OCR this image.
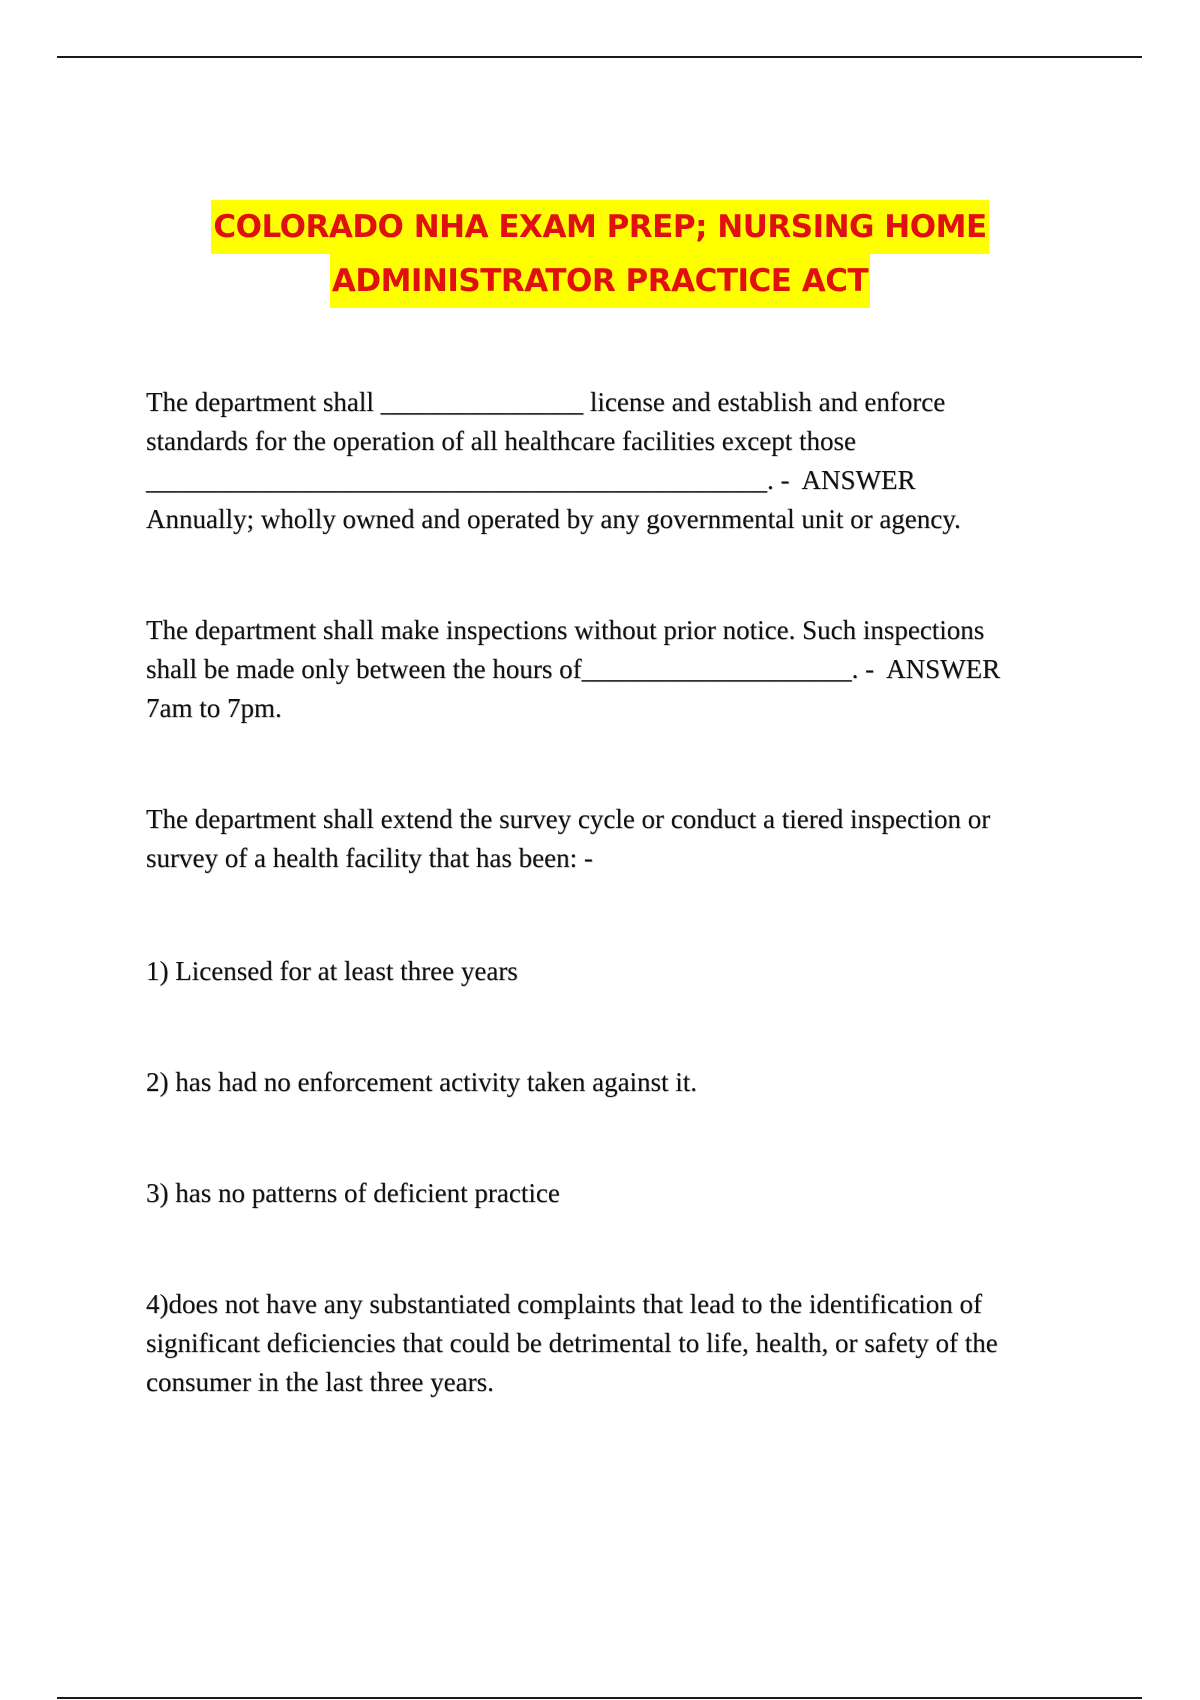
COLORADO NHA EXAM PREP; NURSING HOME
ADMINISTRATOR PRACTICE ACT
The department shall _______________ license and establish and enforce
standards for the operation of all healthcare facilities except those
______________________________________________. -  ANSWER
Annually; wholly owned and operated by any governmental unit or agency.
The department shall make inspections without prior notice. Such inspections
shall be made only between the hours of____________________. -  ANSWER
7am to 7pm.
The department shall extend the survey cycle or conduct a tiered inspection or
survey of a health facility that has been: -

1) Licensed for at least three years

2) has had no enforcement activity taken against it.

3) has no patterns of deficient practice

4)does not have any substantiated complaints that lead to the identification of significant deficiencies that could be detrimental to life, health, or safety of the consumer in the last three years.
